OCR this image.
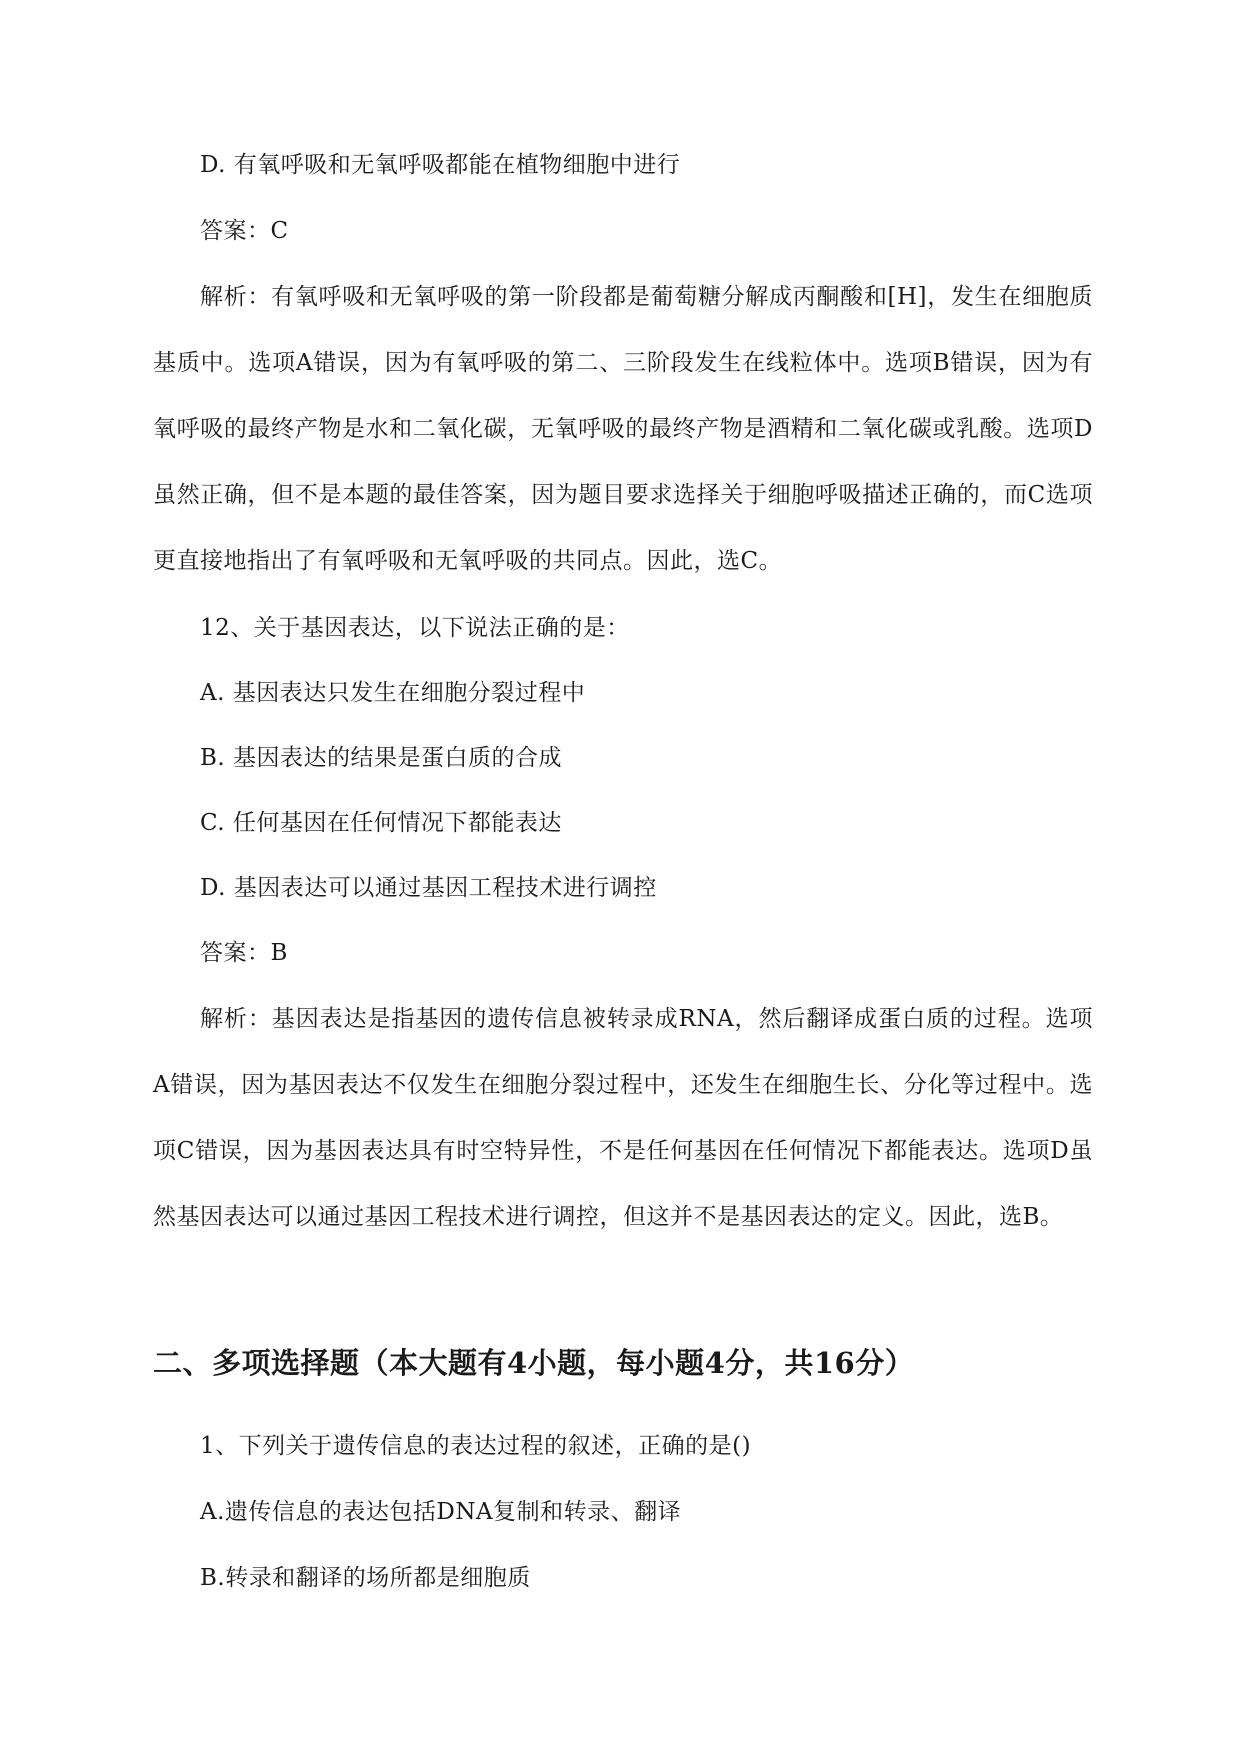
D. 有氧呼吸和无氧呼吸都能在植物细胞中进行
答案：C
解析：有氧呼吸和无氧呼吸的第一阶段都是葡萄糖分解成丙酮酸和[H]，发生在细胞质基质中。选项A错误，因为有氧呼吸的第二、三阶段发生在线粒体中。选项B错误，因为有氧呼吸的最终产物是水和二氧化碳，无氧呼吸的最终产物是酒精和二氧化碳或乳酸。选项D虽然正确，但不是本题的最佳答案，因为题目要求选择关于细胞呼吸描述正确的，而C选项更直接地指出了有氧呼吸和无氧呼吸的共同点。因此，选C。
12、关于基因表达，以下说法正确的是：
A. 基因表达只发生在细胞分裂过程中
B. 基因表达的结果是蛋白质的合成
C. 任何基因在任何情况下都能表达
D. 基因表达可以通过基因工程技术进行调控
答案：B
解析：基因表达是指基因的遗传信息被转录成RNA，然后翻译成蛋白质的过程。选项A错误，因为基因表达不仅发生在细胞分裂过程中，还发生在细胞生长、分化等过程中。选项C错误，因为基因表达具有时空特异性，不是任何基因在任何情况下都能表达。选项D虽然基因表达可以通过基因工程技术进行调控，但这并不是基因表达的定义。因此，选B。
二、多项选择题（本大题有4小题，每小题4分，共16分）
1、下列关于遗传信息的表达过程的叙述，正确的是()
A.遗传信息的表达包括DNA复制和转录、翻译
B.转录和翻译的场所都是细胞质
